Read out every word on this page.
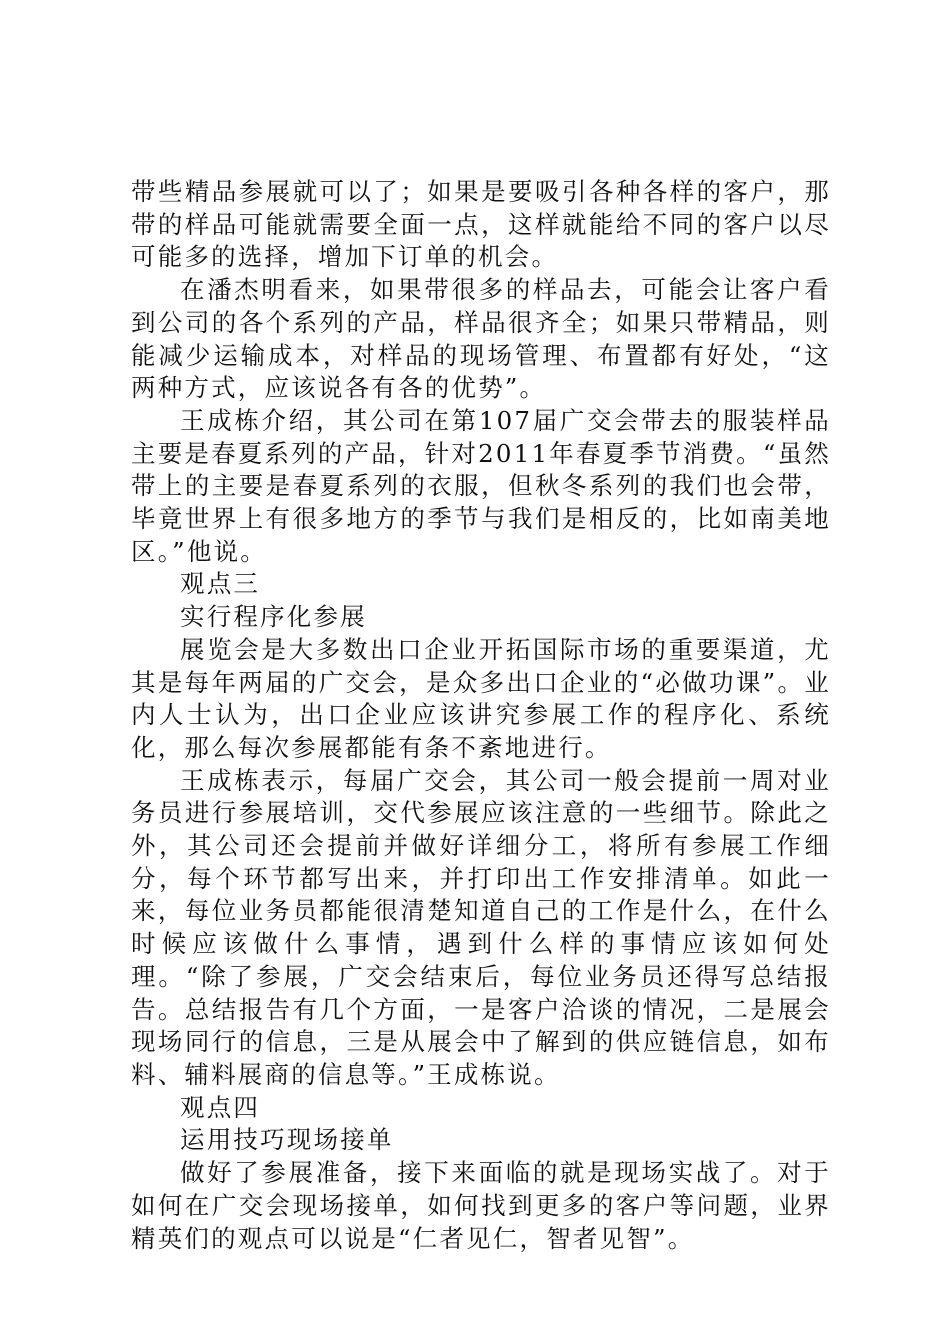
带些精品参展就可以了；如果是要吸引各种各样的客户，那带的样品可能就需要全面一点，这样就能给不同的客户以尽可能多的选择，增加下订单的机会。

在潘杰明看来，如果带很多的样品去，可能会让客户看到公司的各个系列的产品，样品很齐全；如果只带精品，则能减少运输成本，对样品的现场管理、布置都有好处，“这两种方式，应该说各有各的优势”。

王成栋介绍，其公司在第107届广交会带去的服装样品主要是春夏系列的产品，针对2011年春夏季节消费。“虽然带上的主要是春夏系列的衣服，但秋冬系列的我们也会带，毕竟世界上有很多地方的季节与我们是相反的，比如南美地区。”他说。

观点三

实行程序化参展

展览会是大多数出口企业开拓国际市场的重要渠道，尤其是每年两届的广交会，是众多出口企业的“必做功课”。业内人士认为，出口企业应该讲究参展工作的程序化、系统化，那么每次参展都能有条不紊地进行。

王成栋表示，每届广交会，其公司一般会提前一周对业务员进行参展培训，交代参展应该注意的一些细节。除此之外，其公司还会提前并做好详细分工，将所有参展工作细分，每个环节都写出来，并打印出工作安排清单。如此一来，每位业务员都能很清楚知道自己的工作是什么，在什么时候应该做什么事情，遇到什么样的事情应该如何处理。“除了参展，广交会结束后，每位业务员还得写总结报告。总结报告有几个方面，一是客户洽谈的情况，二是展会现场同行的信息，三是从展会中了解到的供应链信息，如布料、辅料展商的信息等。”王成栋说。

观点四

运用技巧现场接单

做好了参展准备，接下来面临的就是现场实战了。对于如何在广交会现场接单，如何找到更多的客户等问题，业界精英们的观点可以说是“仁者见仁，智者见智”。
